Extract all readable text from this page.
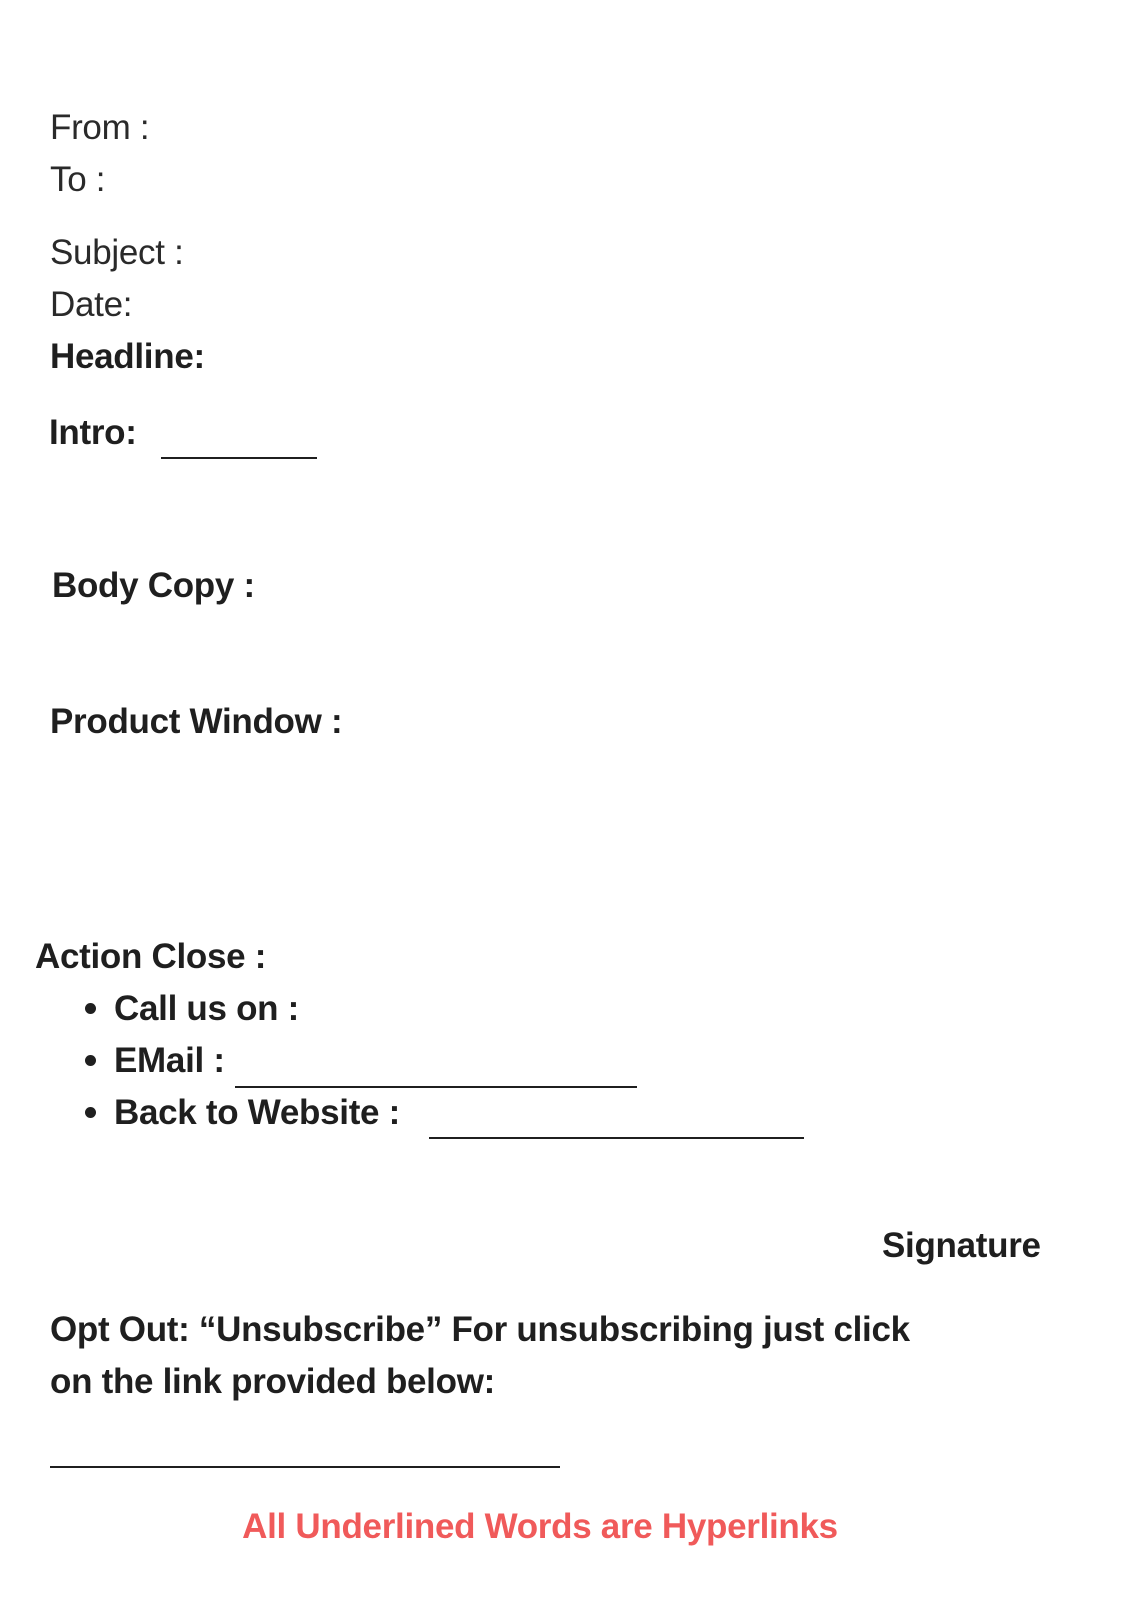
From :
To :
Subject :
Date:
Headline:
Intro:
Body Copy :
Product Window :
Action Close :
Call us on :
EMail :
Back to Website :
Signature
Opt Out: “Unsubscribe” For unsubscribing just click
on the link provided below:
All Underlined Words are Hyperlinks
